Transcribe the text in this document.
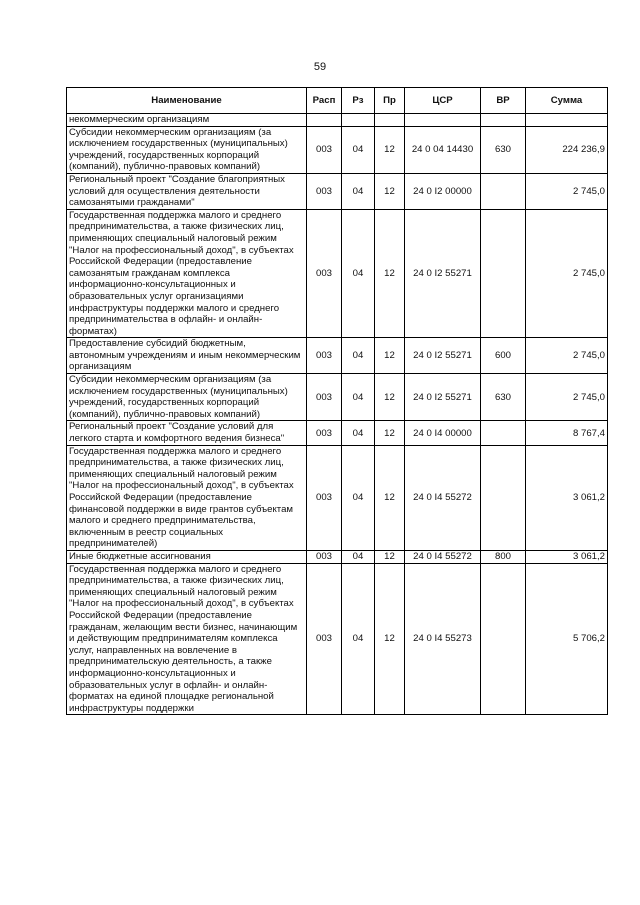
59
Наименование	Расп	Рз	Пр	ЦСР	ВР	Сумма
некоммерческим организациям						
Субсидии некоммерческим организациям (за исключением государственных (муниципальных) учреждений, государственных корпораций (компаний), публично-правовых компаний)	003	04	12	24 0 04 14430	630	224 236,9
Региональный проект "Создание благоприятных условий для осуществления деятельности самозанятыми гражданами"	003	04	12	24 0 I2 00000		2 745,0
Государственная поддержка малого и среднего предпринимательства, а также физических лиц, применяющих специальный налоговый режим "Налог на профессиональный доход", в субъектах Российской Федерации (предоставление самозанятым гражданам комплекса информационно-консультационных и образовательных услуг организациями инфраструктуры поддержки малого и среднего предпринимательства в офлайн- и онлайн-форматах)	003	04	12	24 0 I2 55271		2 745,0
Предоставление субсидий бюджетным, автономным учреждениям и иным некоммерческим организациям	003	04	12	24 0 I2 55271	600	2 745,0
Субсидии некоммерческим организациям (за исключением государственных (муниципальных) учреждений, государственных корпораций (компаний), публично-правовых компаний)	003	04	12	24 0 I2 55271	630	2 745,0
Региональный проект "Создание условий для легкого старта и комфортного ведения бизнеса"	003	04	12	24 0 I4 00000		8 767,4
Государственная поддержка малого и среднего предпринимательства, а также физических лиц, применяющих специальный налоговый режим "Налог на профессиональный доход", в субъектах Российской Федерации (предоставление финансовой поддержки в виде грантов субъектам малого и среднего предпринимательства, включенным в реестр социальных предпринимателей)	003	04	12	24 0 I4 55272		3 061,2
Иные бюджетные ассигнования	003	04	12	24 0 I4 55272	800	3 061,2
Государственная поддержка малого и среднего предпринимательства, а также физических лиц, применяющих специальный налоговый режим "Налог на профессиональный доход", в субъектах Российской Федерации (предоставление гражданам, желающим вести бизнес, начинающим и действующим предпринимателям комплекса услуг, направленных на вовлечение в предпринимательскую деятельность, а также информационно-консультационных и образовательных услуг в офлайн- и онлайн-форматах на единой площадке региональной инфраструктуры поддержки	003	04	12	24 0 I4 55273		5 706,2
